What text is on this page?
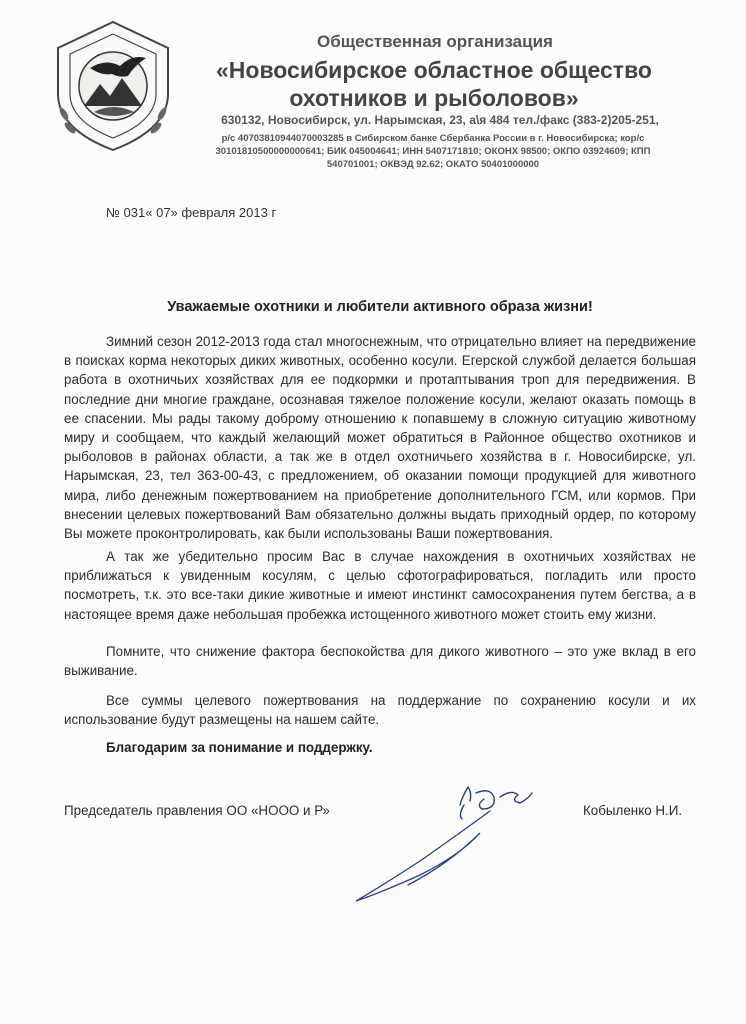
Общественная организация
«Новосибирское областное общество
охотников и рыболовов»
630132, Новосибирск, ул. Нарымская, 23, а\я 484 тел./факс (383-2)205-251,
р/с 40703810944070003285 в Сибирском банке Сбербанка России в г. Новосибирска; кор/с
30101810500000000641; БИК 045004641; ИНН 5407171810; ОКОНХ 98500; ОКПО 03924609; КПП
540701001; ОКВЭД 92.62; ОКАТО 50401000000
№ 031« 07» февраля 2013 г
Уважаемые охотники и любители активного образа жизни!

Зимний сезон 2012-2013 года стал многоснежным, что отрицательно влияет на передвижение в поисках корма некоторых диких животных, особенно косули. Егерской службой делается большая работа в охотничьих хозяйствах для ее подкормки и протаптывания троп для передвижения. В последние дни многие граждане, осознавая тяжелое положение косули, желают оказать помощь в ее спасении. Мы рады такому доброму отношению к попавшему в сложную ситуацию животному миру и сообщаем, что каждый желающий может обратиться в Районное общество охотников и рыболовов в районах области, а так же в отдел охотничьего хозяйства в г. Новосибирске, ул. Нарымская, 23, тел 363-00-43, с предложением, об оказании помощи продукцией для животного мира, либо денежным пожертвованием на приобретение дополнительного ГСМ, или кормов. При внесении целевых пожертвований Вам обязательно должны выдать приходный ордер, по которому Вы можете проконтролировать, как были использованы Ваши пожертвования.

А так же убедительно просим Вас в случае нахождения в охотничьих хозяйствах не приближаться к увиденным косулям, с целью сфотографироваться, погладить или просто посмотреть, т.к. это все-таки дикие животные и имеют инстинкт самосохранения путем бегства, а в настоящее время даже небольшая пробежка истощенного животного может стоить ему жизни.

Помните, что снижение фактора беспокойства для дикого животного – это уже вклад в его выживание.

Все суммы целевого пожертвования на поддержание по сохранению косули и их использование будут размещены на нашем сайте.

Благодарим за понимание и поддержку.
Председатель правления ОО «НООО и Р»	Кобыленко Н.И.
